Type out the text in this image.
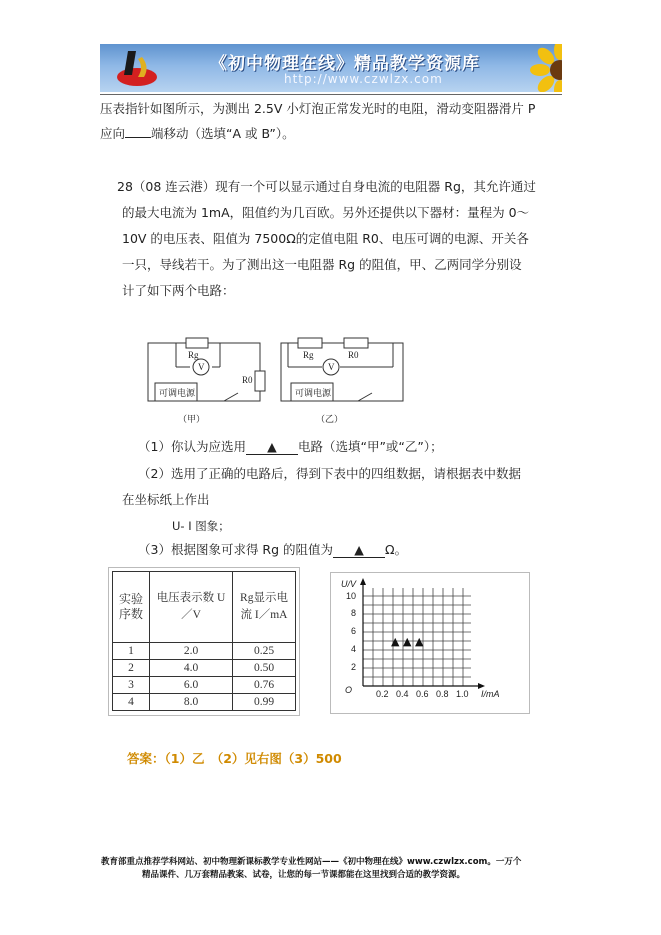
《初中物理在线》精品教学资源库
http://www.czwlzx.com
压表指针如图所示，为测出 2.5V 小灯泡正常发光时的电阻，滑动变阻器滑片 P
应向 端移动（选填“A 或 B”）。
28（08 连云港）现有一个可以显示通过自身电流的电阻器 Rg，其允许通过
的最大电流为 1mA，阻值约为几百欧。另外还提供以下器材：量程为 0～
10V 的电压表、阻值为 7500Ω的定值电阻 R0、电压可调的电源、开关各
一只，导线若干。为了测出这一电阻器 Rg 的阻值，甲、乙两同学分别设
计了如下两个电路：
Rg
V
R0
Rg	R0
V
可调电源	可调电源
（甲）	（乙）
（1）你认为应选用 ▲ 电路（选填“甲”或“乙”）；
（2）选用了正确的电路后，得到下表中的四组数据，请根据表中数据
在坐标纸上作出
U- I 图象；
（3）根据图象可求得 Rg 的阻值为 ▲ Ω。
实验序数	电压表示数 U／V	Rg显示电流 I／mA
1	2.0	0.25
2	4.0	0.50
3	6.0	0.76
4	8.0	0.99
U/V
I/mA
O
2
4
6
8
10
0.2 0.4 0.6 0.8 1.0
▲ ▲ ▲
答案：（1）乙　（2）见右图（3）500
教育部重点推荐学科网站、初中物理新课标教学专业性网站——《初中物理在线》www.czwlzx.com。一万个
精品课件、几万套精品教案、试卷，让您的每一节课都能在这里找到合适的教学资源。
